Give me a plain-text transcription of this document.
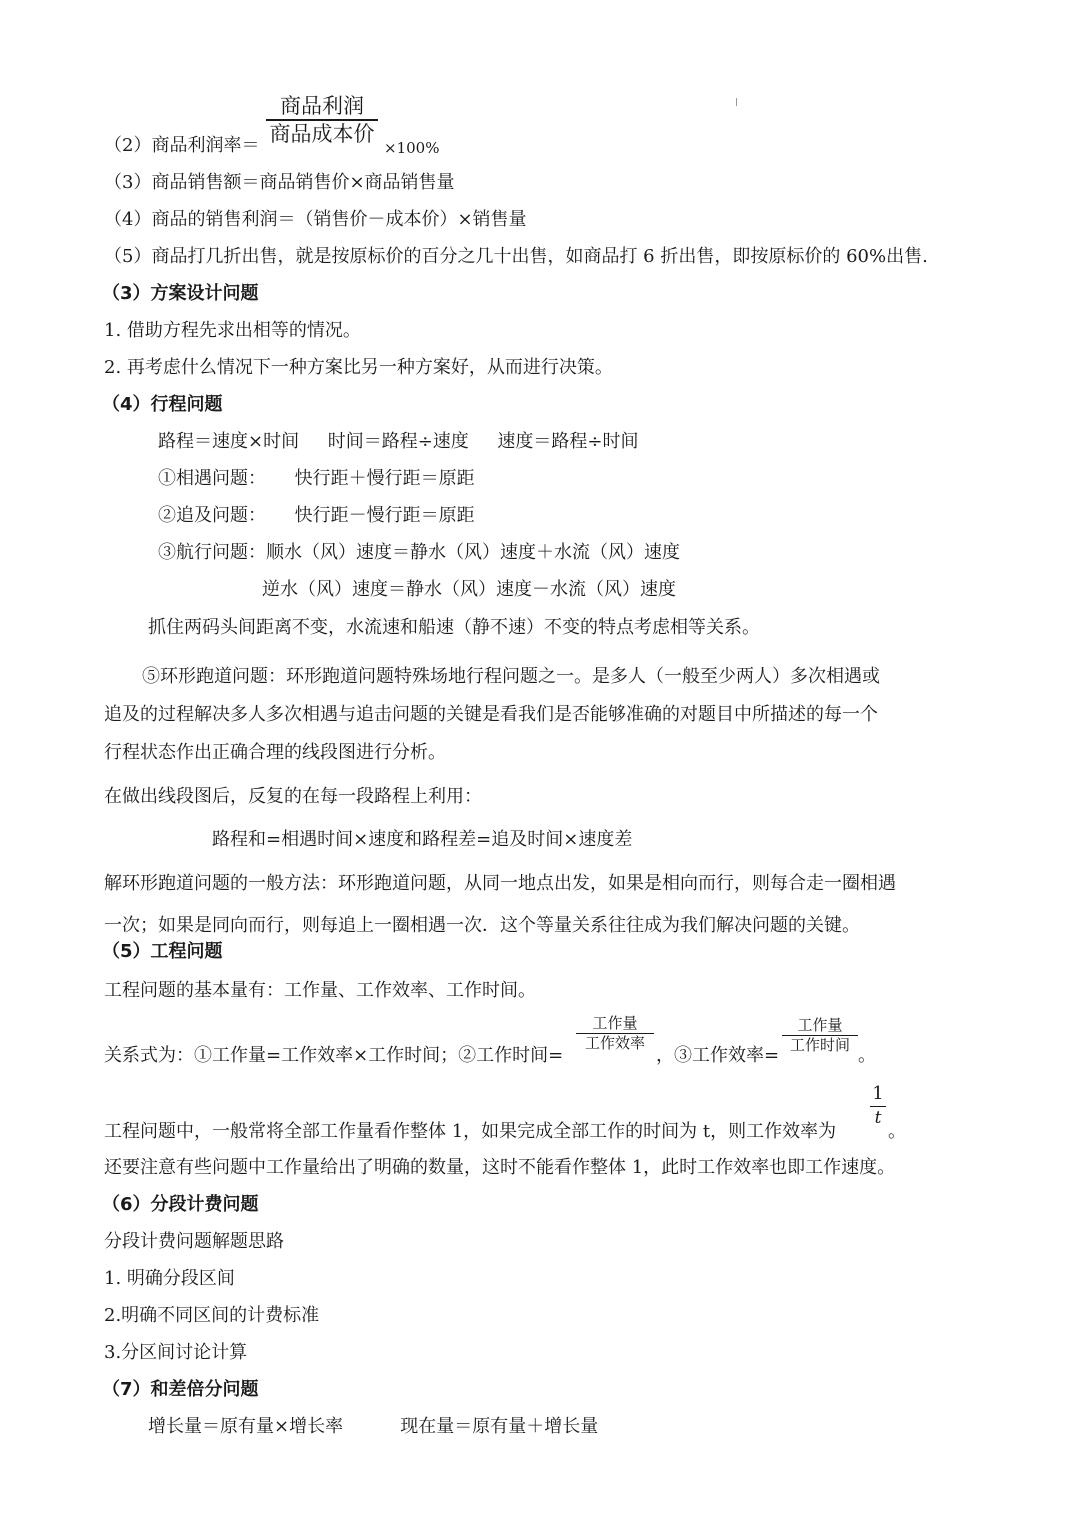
商品利润
商品成本价
（2）商品利润率＝	×100%
（3）商品销售额＝商品销售价×商品销售量
（4）商品的销售利润＝（销售价－成本价）×销售量
（5）商品打几折出售，就是按原标价的百分之几十出售，如商品打 6 折出售，即按原标价的 60%出售.
（3）方案设计问题
1. 借助方程先求出相等的情况。
2. 再考虑什么情况下一种方案比另一种方案好，从而进行决策。
（4）行程问题
路程＝速度×时间     时间＝路程÷速度     速度＝路程÷时间
①相遇问题：     快行距＋慢行距＝原距
②追及问题：     快行距－慢行距＝原距
③航行问题：顺水（风）速度＝静水（风）速度＋水流（风）速度
逆水（风）速度＝静水（风）速度－水流（风）速度
抓住两码头间距离不变，水流速和船速（静不速）不变的特点考虑相等关系。
⑤环形跑道问题：环形跑道问题特殊场地行程问题之一。是多人（一般至少两人）多次相遇或
追及的过程解决多人多次相遇与追击问题的关键是看我们是否能够准确的对题目中所描述的每一个
行程状态作出正确合理的线段图进行分析。
在做出线段图后，反复的在每一段路程上利用：
路程和=相遇时间×速度和路程差=追及时间×速度差
解环形跑道问题的一般方法：环形跑道问题，从同一地点出发，如果是相向而行，则每合走一圈相遇
一次；如果是同向而行，则每追上一圈相遇一次．这个等量关系往往成为我们解决问题的关键。
（5）工程问题
工程问题的基本量有：工作量、工作效率、工作时间。
关系式为：①工作量=工作效率×工作时间；②工作时间=
工作量
工作效率
，③工作效率=
工作量
工作时间 。
工程问题中，一般常将全部工作量看作整体 1，如果完成全部工作的时间为 t，则工作效率为
1
t
。
还要注意有些问题中工作量给出了明确的数量，这时不能看作整体 1，此时工作效率也即工作速度。
（6）分段计费问题
分段计费问题解题思路
1. 明确分段区间
2.明确不同区间的计费标准
3.分区间讨论计算
（7）和差倍分问题
增长量＝原有量×增长率          现在量＝原有量＋增长量
